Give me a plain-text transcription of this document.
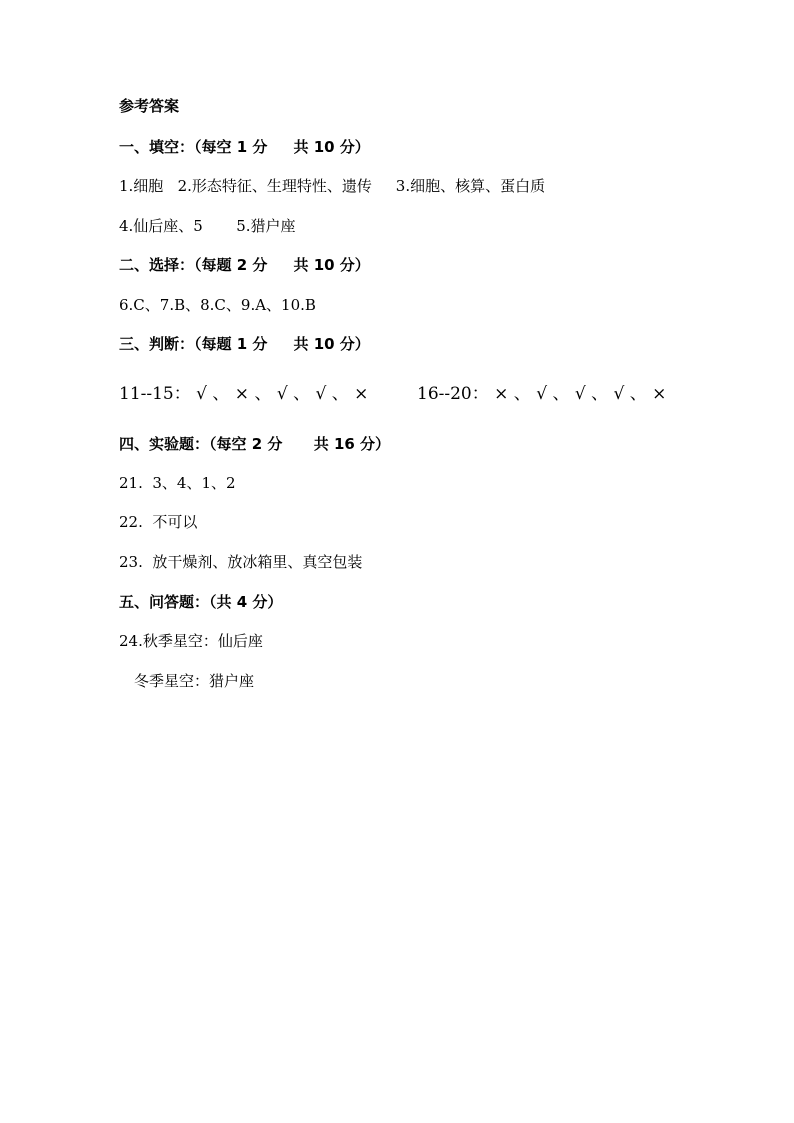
参考答案
一、填空：（每空 1 分     共 10 分）
1.细胞   2.形态特征、生理特性、遗传     3.细胞、核算、蛋白质
4.仙后座、5       5.猎户座
二、选择：（每题 2 分     共 10 分）
6.C、7.B、8.C、9.A、10.B
三、判断：（每题 1 分     共 10 分）

11--15： √ 、 × 、 √ 、 √ 、 ×

	16--20： × 、 √ 、 √ 、 √ 、 ×

四、实验题：（每空 2 分      共 16 分）
21.  3、4、1、2
22.  不可以
23.  放干燥剂、放冰箱里、真空包装
五、问答题：（共 4 分）
24.秋季星空：仙后座
冬季星空：猎户座
